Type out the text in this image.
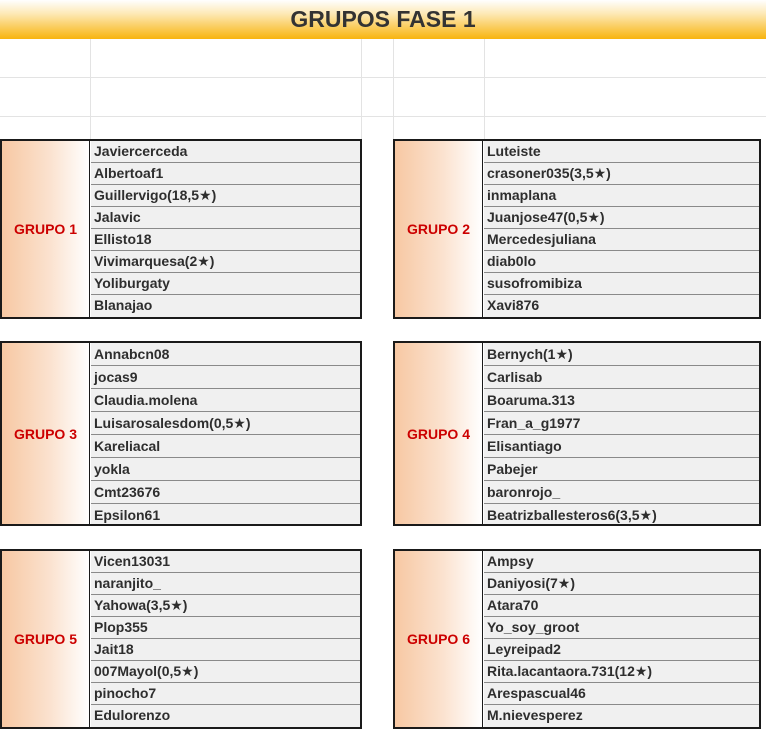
GRUPOS FASE 1
GRUPO 1
Javiercerceda
Albertoaf1
Guillervigo(18,5★)
Jalavic
Ellisto18
Vivimarquesa(2★)
Yoliburgaty
Blanajao
GRUPO 2
Luteiste
crasoner035(3,5★)
inmaplana
Juanjose47(0,5★)
Mercedesjuliana
diab0lo
susofromibiza
Xavi876
GRUPO 3
Annabcn08
jocas9
Claudia.molena
Luisarosalesdom(0,5★)
Kareliacal
yokla
Cmt23676
Epsilon61
GRUPO 4
Bernych(1★)
Carlisab
Boaruma.313
Fran_a_g1977
Elisantiago
Pabejer
baronrojo_
Beatrizballesteros6(3,5★)
GRUPO 5
Vicen13031
naranjito_
Yahowa(3,5★)
Plop355
Jait18
007Mayol(0,5★)
pinocho7
Edulorenzo
GRUPO 6
Ampsy
Daniyosi(7★)
Atara70
Yo_soy_groot
Leyreipad2
Rita.lacantaora.731(12★)
Arespascual46
M.nievesperez
